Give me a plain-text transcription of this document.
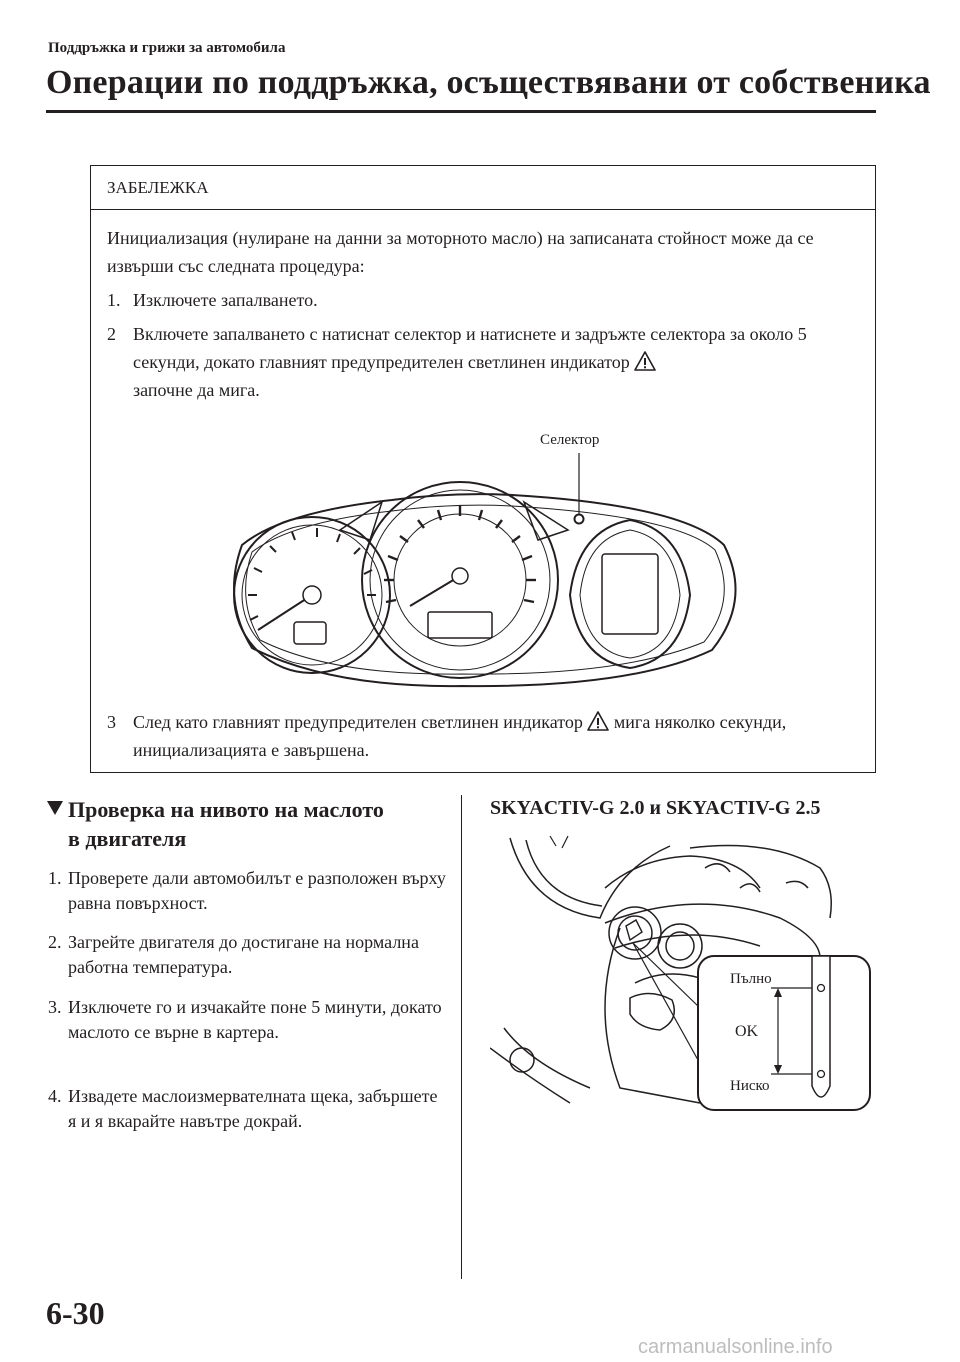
Поддръжка и грижи за автомобила
Операции по поддръжка, осъществявани от собственика
ЗАБЕЛЕЖКА
Инициализация (нулиране на данни за моторното масло) на записаната стойност може да се извърши със следната процедура:
1. Изключете запалването.
2 Включете запалването с натиснат селектор и натиснете и задръжте селектора за около 5 секунди, докато главният предупредителен светлинен индикатор
започне да мига.
3 След като главният предупредителен светлинен индикатор мига няколко секунди, инициализацията е завършена.
Селектор
Проверка на нивото на маслото
в двигателя
1. Проверете дали автомобилът е разположен върху равна повърхност.
2. Загрейте двигателя до достигане на нормална работна температура.
3. Изключете го и изчакайте поне 5 минути, докато маслото се върне в картера.
4. Извадете маслоизмервателната щека, забършете я и я вкарайте навътре докрай.
SKYACTIV-G 2.0 и SKYACTIV-G 2.5
Пълно
OK
Ниско
6-30
carmanualsonline.info
